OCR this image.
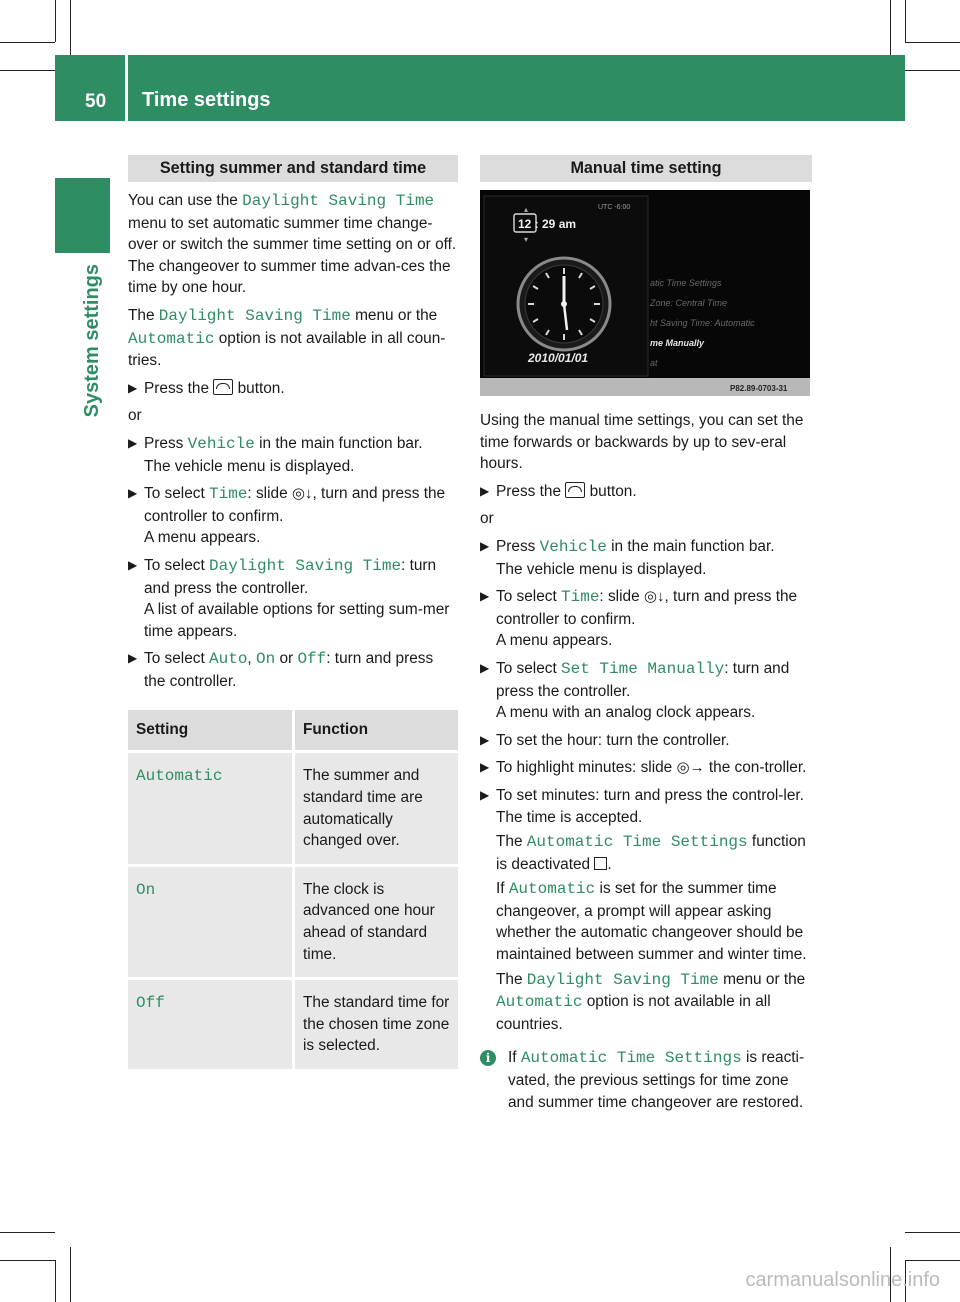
50 Time settings
System settings
Setting summer and standard time

You can use the Daylight Saving Time menu to set automatic summer time change-over or switch the summer time setting on or off. The changeover to summer time advan-ces the time by one hour.

The Daylight Saving Time menu or the Automatic option is not available in all coun-tries.

▶ Press the  button.

or

▶ Press Vehicle in the main function bar.
The vehicle menu is displayed.
▶ To select Time: slide ◎↓, turn and press the controller to confirm.
A menu appears.
▶ To select Daylight Saving Time: turn and press the controller.
A list of available options for setting sum-mer time appears.
▶ To select Auto, On or Off: turn and press the controller.
Setting	Function
Automatic	The summer and standard time are automatically changed over.
On	The clock is advanced one hour ahead of standard time.
Off	The standard time for the chosen time zone is selected.
Manual time setting
UTC -6:00
12 : 29 am
▴
▾
2010/01/01
atic Time Settings
Zone: Central Time
ht Saving Time: Automatic
me Manually
at
P82.89-0703-31

Using the manual time settings, you can set the time forwards or backwards by up to sev-eral hours.

▶ Press the  button.

or

▶ Press Vehicle in the main function bar.
The vehicle menu is displayed.
▶ To select Time: slide ◎↓, turn and press the controller to confirm.
A menu appears.
▶ To select Set Time Manually: turn and press the controller.
A menu with an analog clock appears.
▶ To set the hour: turn the controller.
▶ To highlight minutes: slide ◎→ the con-troller.
▶ To set minutes: turn and press the control-ler.
The time is accepted.
The Automatic Time Settings function is deactivated .
If Automatic is set for the summer time changeover, a prompt will appear asking whether the automatic changeover should be maintained between summer and winter time.
The Daylight Saving Time menu or the Automatic option is not available in all countries.
i	If Automatic Time Settings is reacti-vated, the previous settings for time zone and summer time changeover are restored.
carmanualsonline.info
